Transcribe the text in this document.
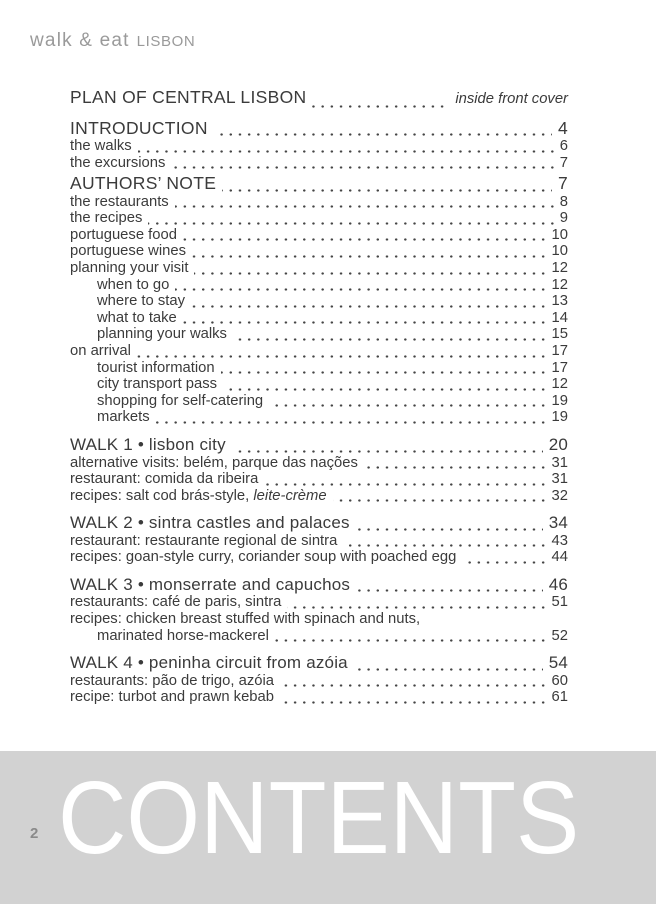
walk & eat LISBON
PLAN OF CENTRAL LISBON	inside front cover
INTRODUCTION	4
the walks	6
the excursions	7
AUTHORS’ NOTE	7
the restaurants	8
the recipes	9
portuguese food	10
portuguese wines	10
planning your visit	12
when to go	12
where to stay	13
what to take	14
planning your walks	15
on arrival	17
tourist information	17
city transport pass	12
shopping for self-catering	19
markets	19
WALK 1 • lisbon city	20
alternative visits: belém, parque das nações	31
restaurant: comida da ribeira	31
recipes: salt cod brás-style, leite-crème	32
WALK 2 • sintra castles and palaces	34
restaurant: restaurante regional de sintra	43
recipes: goan-style curry, coriander soup with poached egg	44
WALK 3 • monserrate and capuchos	46
restaurants: café de paris, sintra	51
recipes: chicken breast stuffed with spinach and nuts,
marinated horse-mackerel	52
WALK 4 • peninha circuit from azóia	54
restaurants: pão de trigo, azóia	60
recipe: turbot and prawn kebab	61
2 CONTENTS
